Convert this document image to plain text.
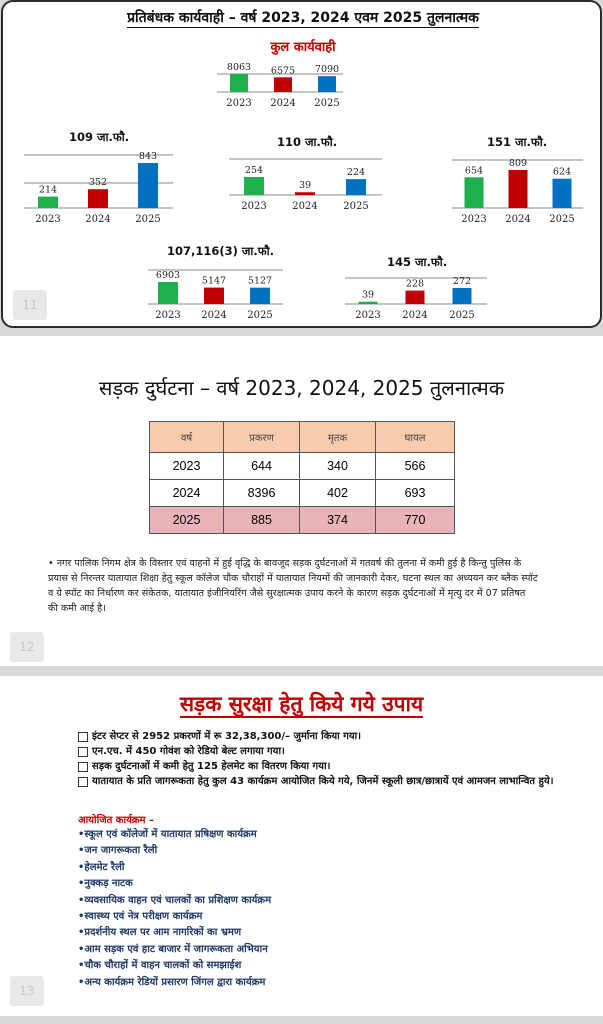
प्रतिबंधक कार्यवाही – वर्ष 2023, 2024 एवम 2025 तुलनात्मक
कुल कार्यवाही
109 जा.फौ.	110 जा.फौ.	151 जा.फौ.
107,116(3) जा.फौ.
145 जा.फौ.
8063
2023
6575
2024
7090
2025
214
2023
352
2024
843
2025
254
2023
39
2024
224
2025
654
2023
809
2024
624
2025
6903
2023
5147
2024
5127
2025
39
2023
228
2024
272
2025
11
सड़क दुर्घटना – वर्ष 2023, 2024, 2025 तुलनात्मक
वर्ष	प्रकरण	मृतक	घायल
2023	644	340	566
2024	8396	402	693
2025	885	374	770
• नगर पालिक निगम क्षेत्र के विस्तार एवं वाहनों में हुई वृद्धि के बावजूद सड़क दुर्घटनाओं में गतवर्ष की तुलना में कमी हुई है किन्तु पुलिस के प्रयास से निरन्तर यातायात शिक्षा हेतु स्कूल कॉलेज चौक चौराहों में यातायात नियमों की जानकारी देकर, घटना स्थल का अध्ययन कर ब्लैक स्पॉट व ग्रे स्पॉट का निर्धारण कर संकेतक, यातायात इंजीनियरिंग जैसे सुरक्षात्मक उपाय करने के कारण सड़क दुर्घटनाओं में मृत्यु दर में 07 प्रतिषत की कमी आई है।
12
सड़क सुरक्षा हेतु किये गये उपाय
इंटर सेप्टर से 2952 प्रकरणों में रू 32,38,300/– जुर्माना किया गया।
एन.एच. में 450 गोवंश को रेडियो बेल्ट लगाया गया।
सड़क दुर्घटनाओं में कमी हेतु 125 हेलमेट का वितरण किया गया।
यातायात के प्रति जागरूकता हेतु कुल 43 कार्यक्रम आयोजित किये गये, जिनमें स्कूली छात्र/छात्रायें एवं आमजन लाभान्वित हुये।
आयोजित कार्यक्रम –
•स्कूल एवं कॉलेजों में यातायात प्रषिक्षण कार्यक्रम
•जन जागरूकता रैली
•हेलमेट रैली
•नुक्कड़ नाटक
•व्यवसायिक वाहन एवं चालकों का प्रशिक्षण कार्यक्रम
•स्वास्थ्य एवं नेत्र परीक्षण कार्यक्रम
•प्रदर्शनीय स्थल पर आम नागरिकों का भ्रमण
•आम सड़क एवं हाट बाजार में जागरूकता अभियान
•चौक चौराहों में वाहन चालकों को समझाईश
•अन्य कार्यक्रम रेडियों प्रसारण जिंगल द्वारा कार्यक्रम
13
